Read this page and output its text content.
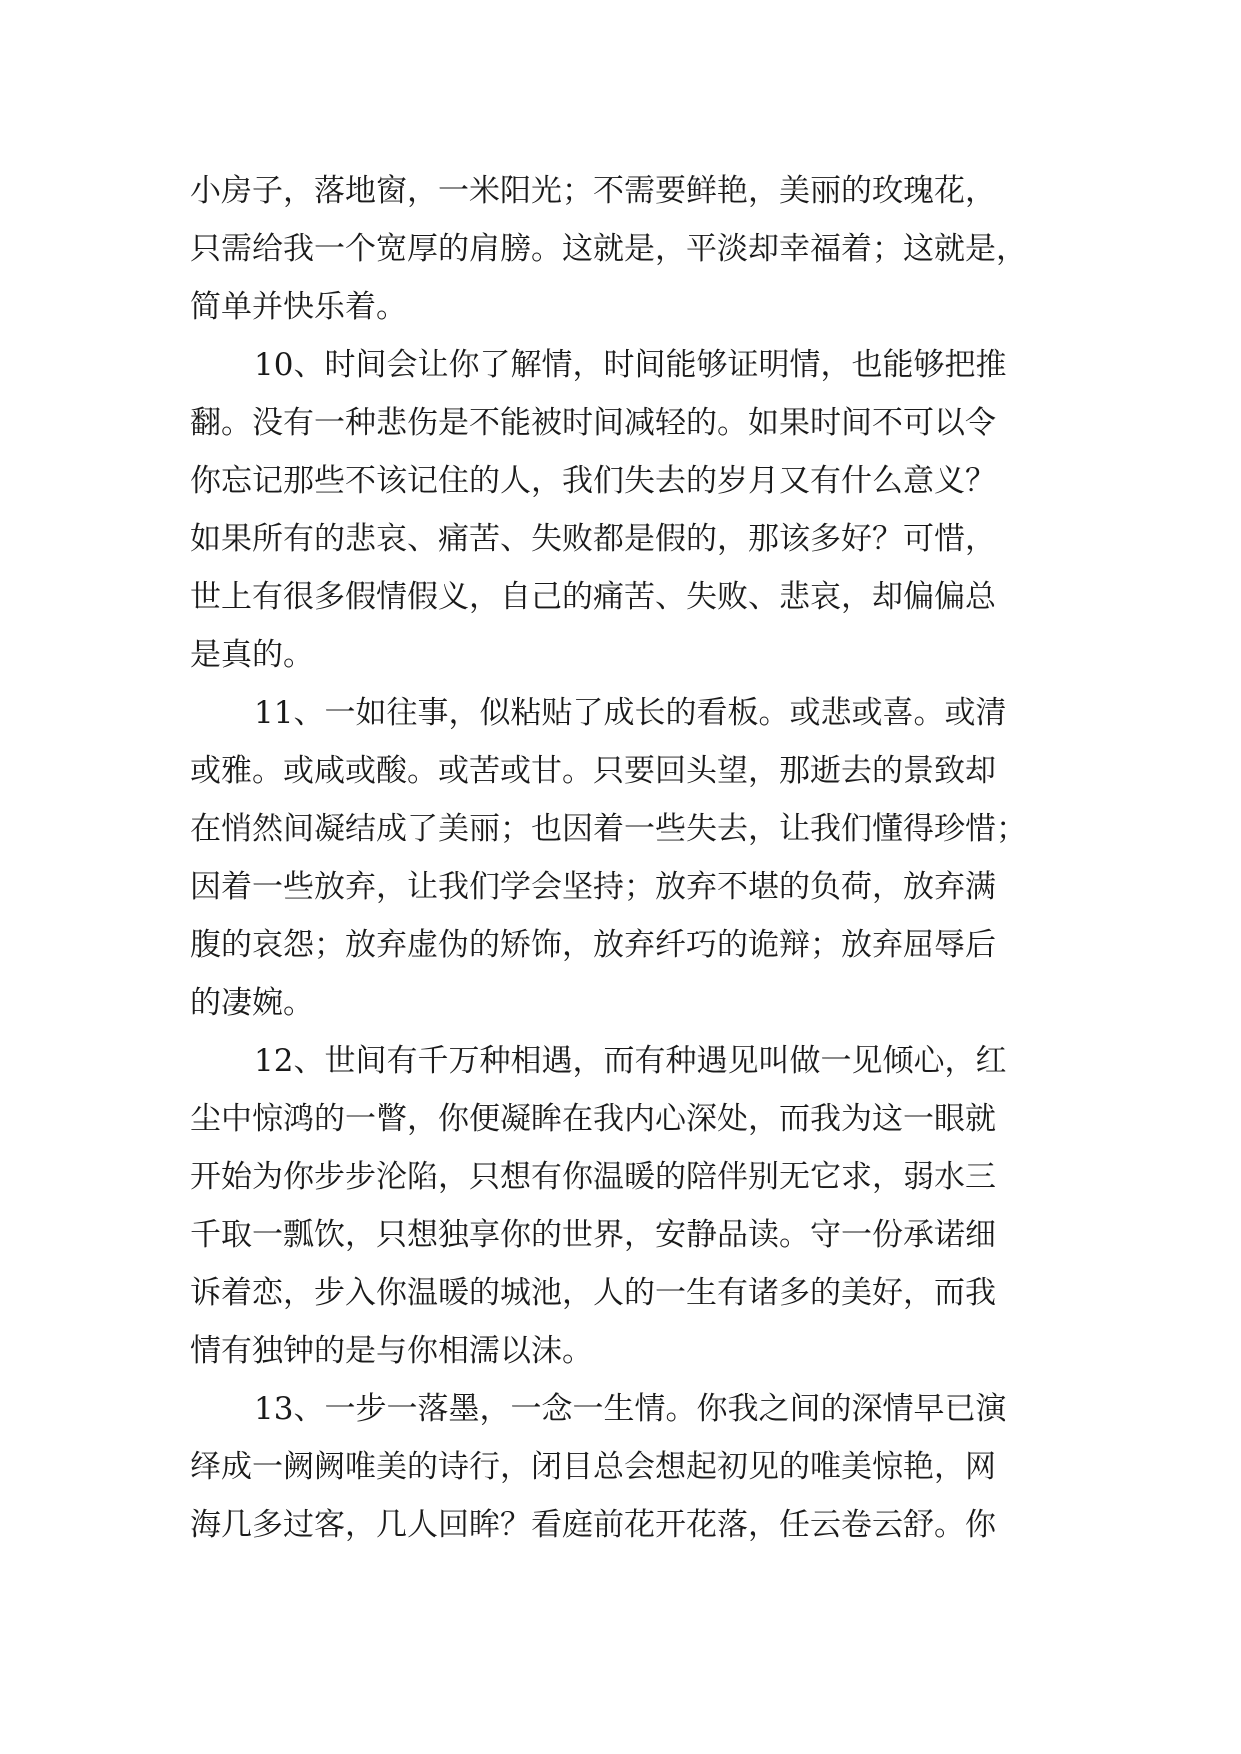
小房子，落地窗，一米阳光；不需要鲜艳，美丽的玫瑰花，
只需给我一个宽厚的肩膀。这就是，平淡却幸福着；这就是，
简单并快乐着。
10、时间会让你了解情，时间能够证明情，也能够把推
翻。没有一种悲伤是不能被时间减轻的。如果时间不可以令
你忘记那些不该记住的人，我们失去的岁月又有什么意义？
如果所有的悲哀、痛苦、失败都是假的，那该多好？可惜，
世上有很多假情假义，自己的痛苦、失败、悲哀，却偏偏总
是真的。
11、一如往事，似粘贴了成长的看板。或悲或喜。或清
或雅。或咸或酸。或苦或甘。只要回头望，那逝去的景致却
在悄然间凝结成了美丽；也因着一些失去，让我们懂得珍惜；
因着一些放弃，让我们学会坚持；放弃不堪的负荷，放弃满
腹的哀怨；放弃虚伪的矫饰，放弃纤巧的诡辩；放弃屈辱后
的凄婉。
12、世间有千万种相遇，而有种遇见叫做一见倾心，红
尘中惊鸿的一瞥，你便凝眸在我内心深处，而我为这一眼就
开始为你步步沦陷，只想有你温暖的陪伴别无它求，弱水三
千取一瓢饮，只想独享你的世界，安静品读。守一份承诺细
诉着恋，步入你温暖的城池，人的一生有诸多的美好，而我
情有独钟的是与你相濡以沫。
13、一步一落墨，一念一生情。你我之间的深情早已演
绎成一阙阙唯美的诗行，闭目总会想起初见的唯美惊艳，网
海几多过客，几人回眸？看庭前花开花落，任云卷云舒。你
